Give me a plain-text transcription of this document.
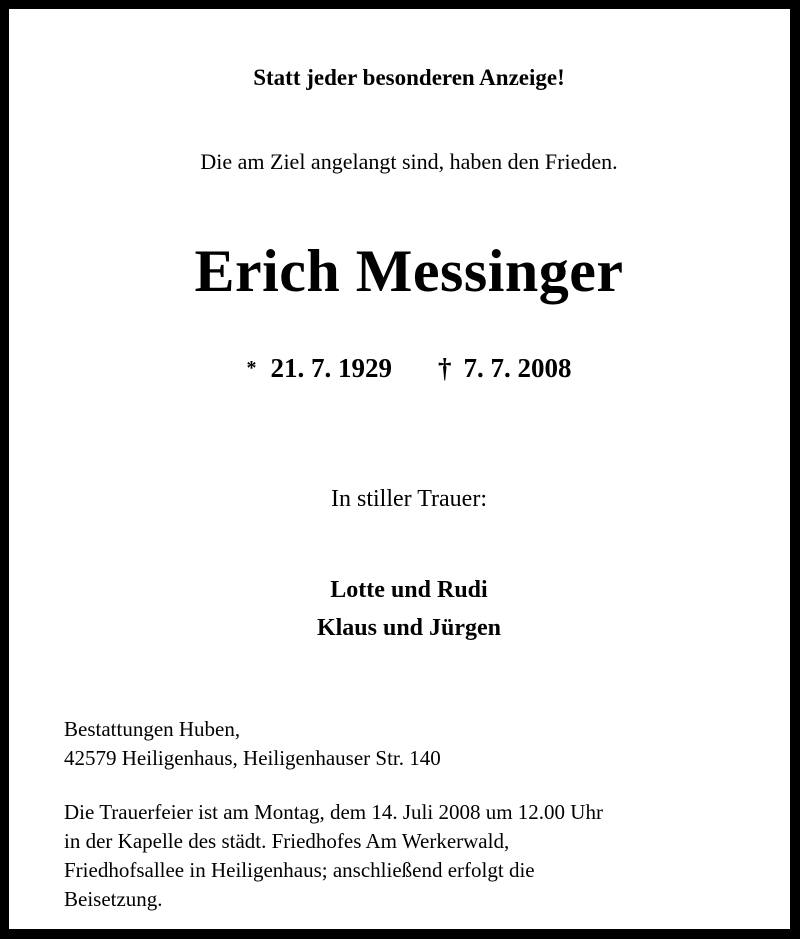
Statt jeder besonderen Anzeige!
Die am Ziel angelangt sind, haben den Frieden.
Erich Messinger
* 21. 7. 1929 † 7. 7. 2008
In stiller Trauer:
Lotte und Rudi
Klaus und Jürgen
Bestattungen Huben,
42579 Heiligenhaus, Heiligenhauser Str. 140
Die Trauerfeier ist am Montag, dem 14. Juli 2008 um 12.00 Uhr
in der Kapelle des städt. Friedhofes Am Werkerwald,
Friedhofsallee in Heiligenhaus; anschließend erfolgt die
Beisetzung.
